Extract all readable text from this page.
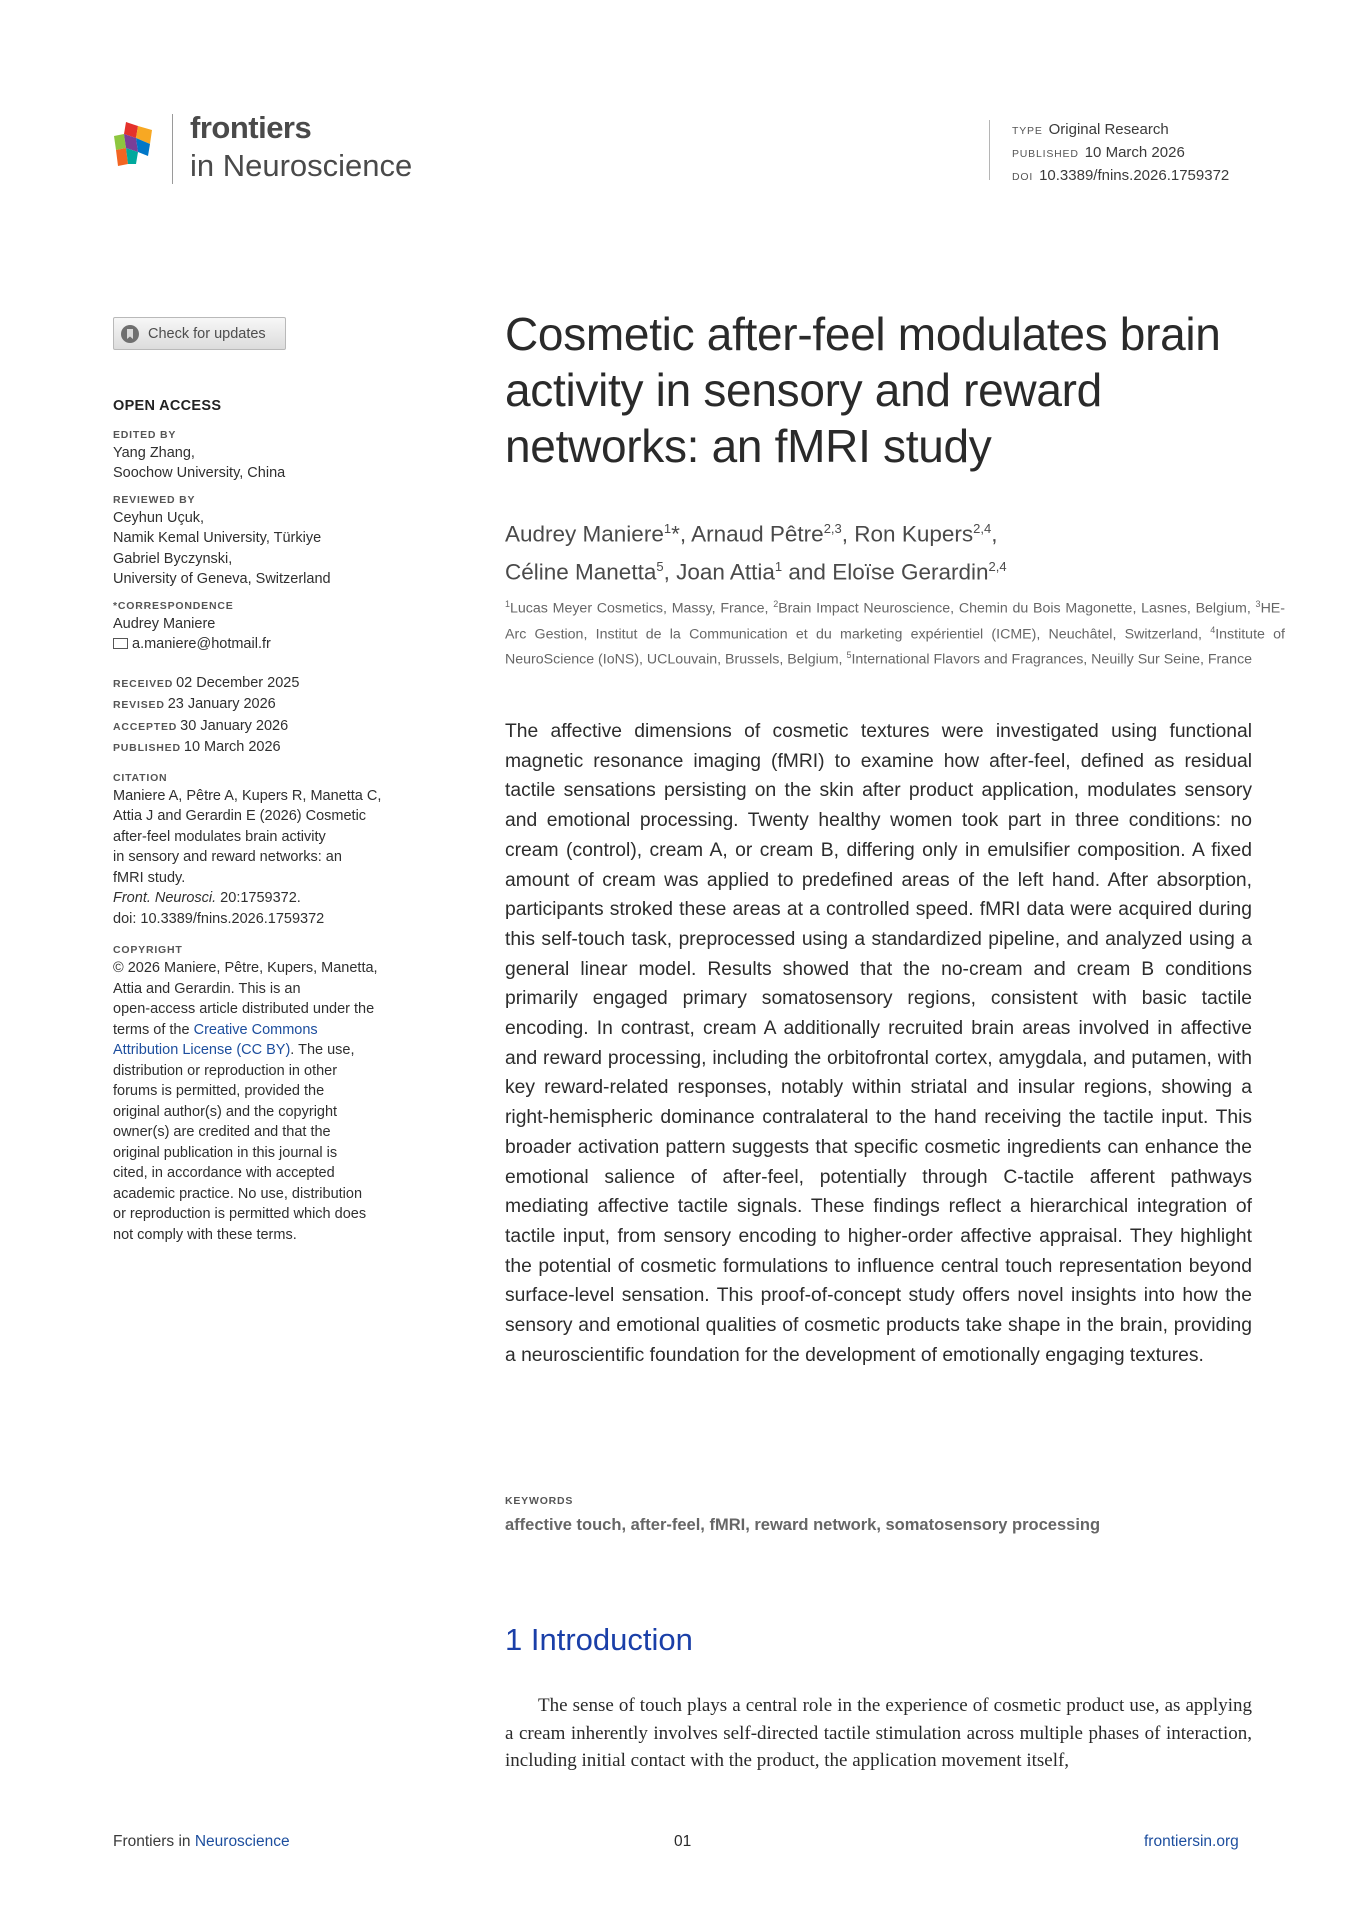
frontiers
in Neuroscience
TYPE Original Research
PUBLISHED 10 March 2026
DOI 10.3389/fnins.2026.1759372
Check for updates
OPEN ACCESS
EDITED BY
Yang Zhang,
Soochow University, China
REVIEWED BY
Ceyhun Uçuk,
Namik Kemal University, Türkiye
Gabriel Byczynski,
University of Geneva, Switzerland
*CORRESPONDENCE
Audrey Maniere
a.maniere@hotmail.fr
RECEIVED 02 December 2025
REVISED 23 January 2026
ACCEPTED 30 January 2026
PUBLISHED 10 March 2026
CITATION
Maniere A, Pêtre A, Kupers R, Manetta C,
Attia J and Gerardin E (2026) Cosmetic
after-feel modulates brain activity
in sensory and reward networks: an
fMRI study.
Front. Neurosci. 20:1759372.
doi: 10.3389/fnins.2026.1759372
COPYRIGHT
© 2026 Maniere, Pêtre, Kupers, Manetta,
Attia and Gerardin. This is an
open-access article distributed under the
terms of the Creative Commons
Attribution License (CC BY). The use,
distribution or reproduction in other
forums is permitted, provided the
original author(s) and the copyright
owner(s) are credited and that the
original publication in this journal is
cited, in accordance with accepted
academic practice. No use, distribution
or reproduction is permitted which does
not comply with these terms.
Cosmetic after-feel modulates brain activity in sensory and reward networks: an fMRI study
Audrey Maniere$^1$*, Arnaud Pêtre$^{2,3}$, Ron Kupers$^{2,4}$,
Céline Manetta$^5$, Joan Attia$^1$ and Eloïse Gerardin$^{2,4}$
$^1$Lucas Meyer Cosmetics, Massy, France, $^2$Brain Impact Neuroscience, Chemin du Bois Magonette, Lasnes, Belgium, $^3$HE-Arc Gestion, Institut de la Communication et du marketing expérientiel (ICME), Neuchâtel, Switzerland, $^4$Institute of NeuroScience (IoNS), UCLouvain, Brussels, Belgium, $^5$International Flavors and Fragrances, Neuilly Sur Seine, France
The affective dimensions of cosmetic textures were investigated using functional magnetic resonance imaging (fMRI) to examine how after-feel, defined as residual tactile sensations persisting on the skin after product application, modulates sensory and emotional processing. Twenty healthy women took part in three conditions: no cream (control), cream A, or cream B, differing only in emulsifier composition. A fixed amount of cream was applied to predefined areas of the left hand. After absorption, participants stroked these areas at a controlled speed. fMRI data were acquired during this self-touch task, preprocessed using a standardized pipeline, and analyzed using a general linear model. Results showed that the no-cream and cream B conditions primarily engaged primary somatosensory regions, consistent with basic tactile encoding. In contrast, cream A additionally recruited brain areas involved in affective and reward processing, including the orbitofrontal cortex, amygdala, and putamen, with key reward-related responses, notably within striatal and insular regions, showing a right-hemispheric dominance contralateral to the hand receiving the tactile input. This broader activation pattern suggests that specific cosmetic ingredients can enhance the emotional salience of after-feel, potentially through C-tactile afferent pathways mediating affective tactile signals. These findings reflect a hierarchical integration of tactile input, from sensory encoding to higher-order affective appraisal. They highlight the potential of cosmetic formulations to influence central touch representation beyond surface-level sensation. This proof-of-concept study offers novel insights into how the sensory and emotional qualities of cosmetic products take shape in the brain, providing a neuroscientific foundation for the development of emotionally engaging textures.
KEYWORDS
affective touch, after-feel, fMRI, reward network, somatosensory processing
1 Introduction
The sense of touch plays a central role in the experience of cosmetic product use, as applying a cream inherently involves self-directed tactile stimulation across multiple phases of interaction, including initial contact with the product, the application movement itself,
Frontiers in Neuroscience	01	frontiersin.org
